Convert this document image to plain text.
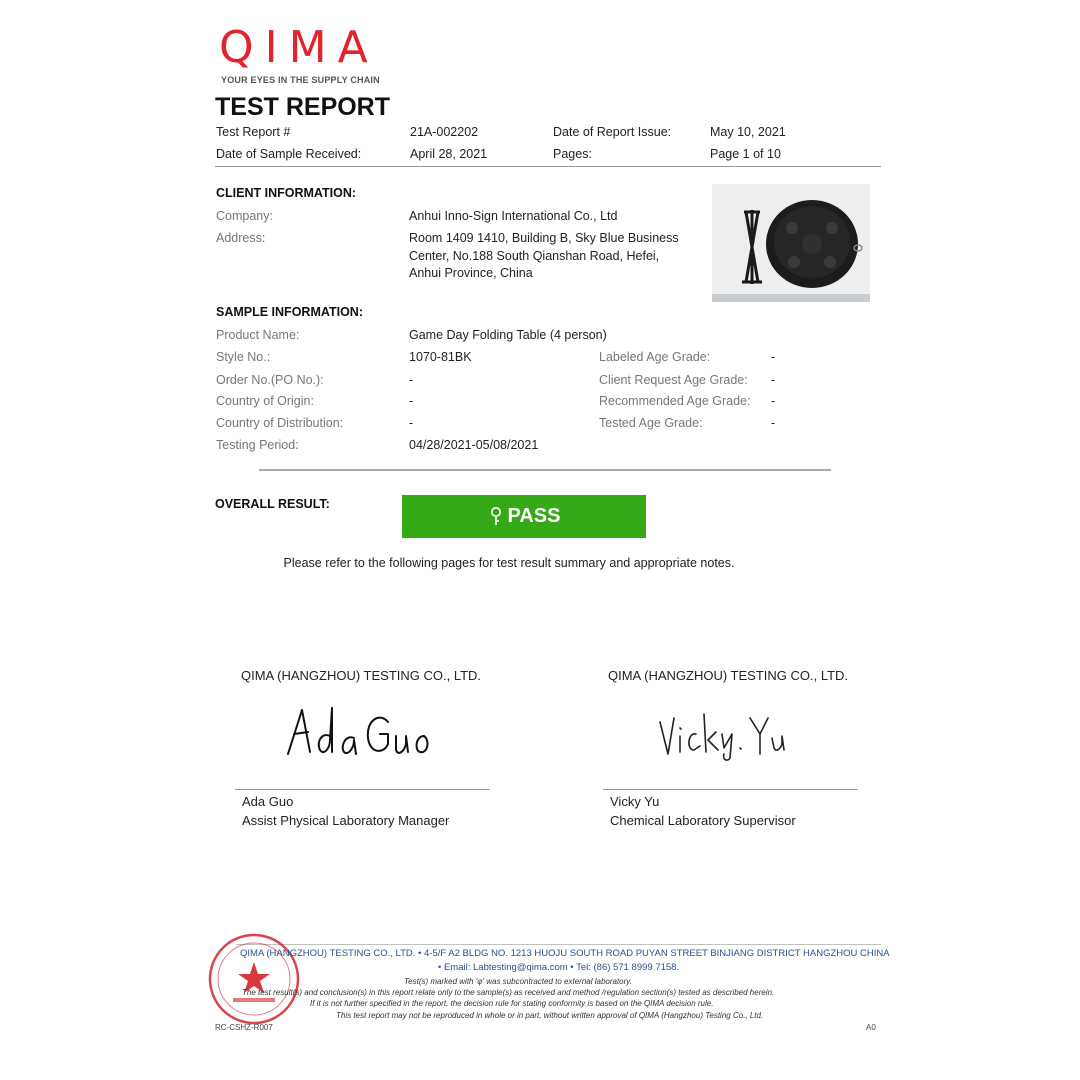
QIMA
YOUR EYES IN THE SUPPLY CHAIN
TEST REPORT
Test Report #	21A-002202	Date of Report Issue:	May 10, 2021
Date of Sample Received:	April 28, 2021	Pages:	Page 1 of 10
CLIENT INFORMATION:
Company:	Anhui Inno-Sign International Co., Ltd
Address:	Room 1409 1410, Building B, Sky Blue Business
Center, No.188 South Qianshan Road, Hefei,
Anhui Province, China
SAMPLE INFORMATION:
Product Name:	Game Day Folding Table (4 person)
Style No.:	1070-81BK	Labeled Age Grade:	-
Order No.(PO No.):	-	Client Request Age Grade: -
Country of Origin:	-	Recommended Age Grade: -
Country of Distribution:	-	Tested Age Grade:	-
Testing Period:	04/28/2021-05/08/2021
OVERALL RESULT:
PASS
Please refer to the following pages for test result summary and appropriate notes.
QIMA (HANGZHOU) TESTING CO., LTD.
Ada Guo
Assist Physical Laboratory Manager
QIMA (HANGZHOU) TESTING CO., LTD.
Vicky Yu
Chemical Laboratory Supervisor
QIMA (HANGZHOU) TESTING CO., LTD. • 4-5/F A2 BLDG NO. 1213 HUOJU SOUTH ROAD PUYAN STREET BINJIANG DISTRICT HANGZHOU CHINA
• Email: Labtesting@qima.com • Tel: (86) 571 8999 7158.
Test(s) marked with 'φ' was subcontracted to external laboratory.
The test result(s) and conclusion(s) in this report relate only to the sample(s) as received and method /regulation section(s) tested as described herein.
If it is not further specified in the report, the decision rule for stating conformity is based on the QIMA decision rule.
This test report may not be reproduced in whole or in part, without written approval of QIMA (Hangzhou) Testing Co., Ltd.
RC-CSHZ-R007	A0
